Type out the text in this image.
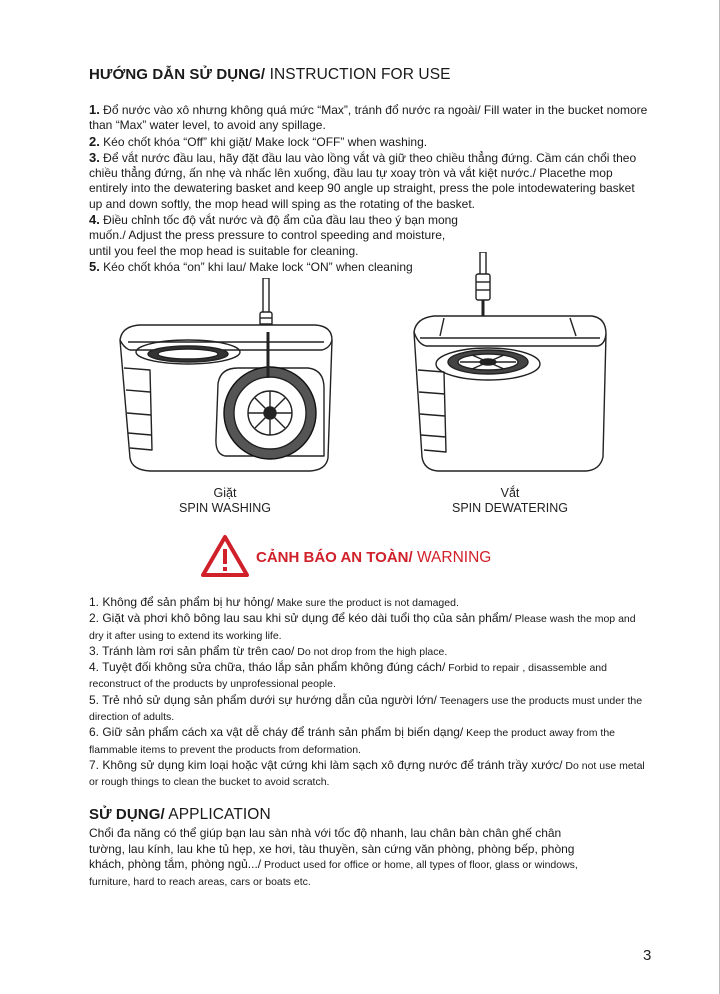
HƯỚNG DẪN SỬ DỤNG/ INSTRUCTION FOR USE

1. Đổ nước vào xô nhưng không quá mức “Max”, tránh đổ nước ra ngoài/ Fill water in the bucket nomore than “Max” water level, to avoid any spillage.

2. Kéo chốt khóa “Off” khi giặt/ Make lock “OFF” when washing.

3. Để vắt nước đầu lau, hãy đặt đầu lau vào lồng vắt và giữ theo chiều thẳng đứng. Cầm cán chổi theo chiều thẳng đứng, ấn nhẹ và nhấc lên xuống, đầu lau tự xoay tròn và vắt kiệt nước./ Placethe mop entirely into the dewatering basket and keep 90 angle up straight, press the pole intodewatering basket up and down softly, the mop head will sping as the rotating of the basket.

4. Điều chỉnh tốc độ vắt nước và độ ẩm của đầu lau theo ý bạn mong muốn./ Adjust the press pressure to control speeding and moisture, until you feel the mop head is suitable for cleaning.

5. Kéo chốt khóa “on” khi lau/ Make lock “ON” when cleaning

Giặt
SPIN WASHING
Vắt
SPIN DEWATERING
CẢNH BÁO AN TOÀN/ WARNING

1. Không để sản phẩm bị hư hỏng/ Make sure the product is not damaged.

2. Giặt và phơi khô bông lau sau khi sử dụng để kéo dài tuổi thọ của sản phẩm/ Please wash the mop and dry it after using to extend its working life.

3. Tránh làm rơi sản phẩm từ trên cao/ Do not drop from the high place.

4. Tuyệt đối không sửa chữa, tháo lắp sản phẩm không đúng cách/ Forbid to repair , disassemble and reconstruct of the products by unprofessional people.

5. Trẻ nhỏ sử dụng sản phẩm dưới sự hướng dẫn của người lớn/ Teenagers use the products must under the direction of adults.

6. Giữ sản phẩm cách xa vật dễ cháy để tránh sản phẩm bị biến dạng/ Keep the product away from the flammable items to prevent the products from deformation.

7. Không sử dụng kim loại hoặc vật cứng khi làm sạch xô đựng nước để tránh trầy xước/ Do not use metal or rough things to clean the bucket to avoid scratch.

SỬ DỤNG/ APPLICATION
Chổi đa năng có thể giúp bạn lau sàn nhà với tốc độ nhanh, lau chân bàn chân ghế chân tường, lau kính, lau khe tủ hẹp, xe hơi, tàu thuyền, sàn cứng văn phòng, phòng bếp, phòng khách, phòng tắm, phòng ngủ.../ Product used for office or home, all types of floor, glass or windows, furniture, hard to reach areas, cars or boats etc.
3
